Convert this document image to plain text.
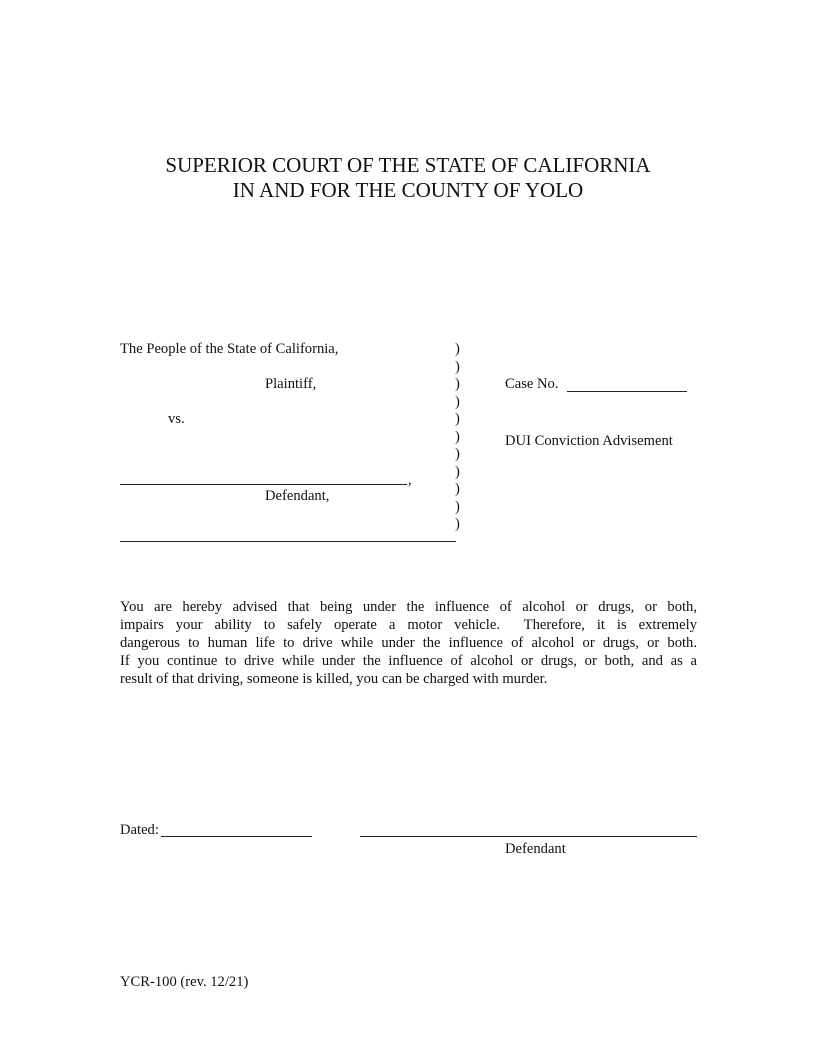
SUPERIOR COURT OF THE STATE OF CALIFORNIA
IN AND FOR THE COUNTY OF YOLO
The People of the State of California,
Plaintiff,
vs.
,
Defendant,
)
)
)
)
)
)
)
)
)
)
)
Case No.
DUI Conviction Advisement
You are hereby advised that being under the influence of alcohol or drugs, or both,
impairs your ability to safely operate a motor vehicle.  Therefore, it is extremely
dangerous to human life to drive while under the influence of alcohol or drugs, or both.
If you continue to drive while under the influence of alcohol or drugs, or both, and as a
result of that driving, someone is killed, you can be charged with murder.
Dated:
Defendant
YCR-100 (rev. 12/21)
